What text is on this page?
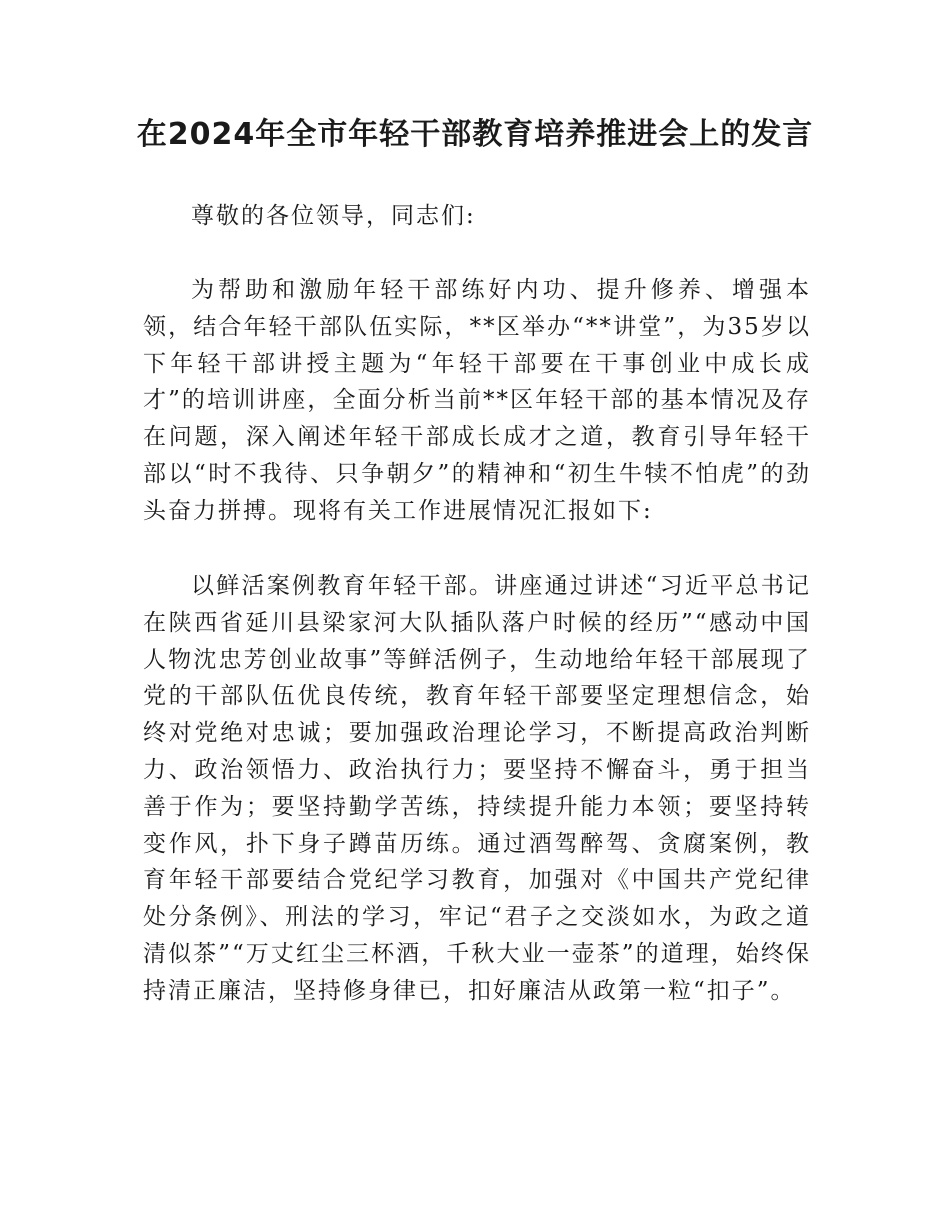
在2024年全市年轻干部教育培养推进会上的发言

尊敬的各位领导，同志们:

为帮助和激励年轻干部练好内功、提升修养、增强本领，结合年轻干部队伍实际，**区举办“**讲堂”，为35岁以下年轻干部讲授主题为“年轻干部要在干事创业中成长成才”的培训讲座，全面分析当前**区年轻干部的基本情况及存在问题，深入阐述年轻干部成长成才之道，教育引导年轻干部以“时不我待、只争朝夕”的精神和“初生牛犊不怕虎”的劲头奋力拼搏。现将有关工作进展情况汇报如下:

以鲜活案例教育年轻干部。讲座通过讲述“习近平总书记在陕西省延川县梁家河大队插队落户时候的经历”“感动中国人物沈忠芳创业故事”等鲜活例子，生动地给年轻干部展现了党的干部队伍优良传统，教育年轻干部要坚定理想信念，始终对党绝对忠诚；要加强政治理论学习，不断提高政治判断力、政治领悟力、政治执行力；要坚持不懈奋斗，勇于担当善于作为；要坚持勤学苦练，持续提升能力本领；要坚持转变作风，扑下身子蹲苗历练。通过酒驾醉驾、贪腐案例，教育年轻干部要结合党纪学习教育，加强对《中国共产党纪律处分条例》、刑法的学习，牢记“君子之交淡如水，为政之道清似茶”“万丈红尘三杯酒，千秋大业一壶茶”的道理，始终保持清正廉洁，坚持修身律已，扣好廉洁从政第一粒“扣子”。
